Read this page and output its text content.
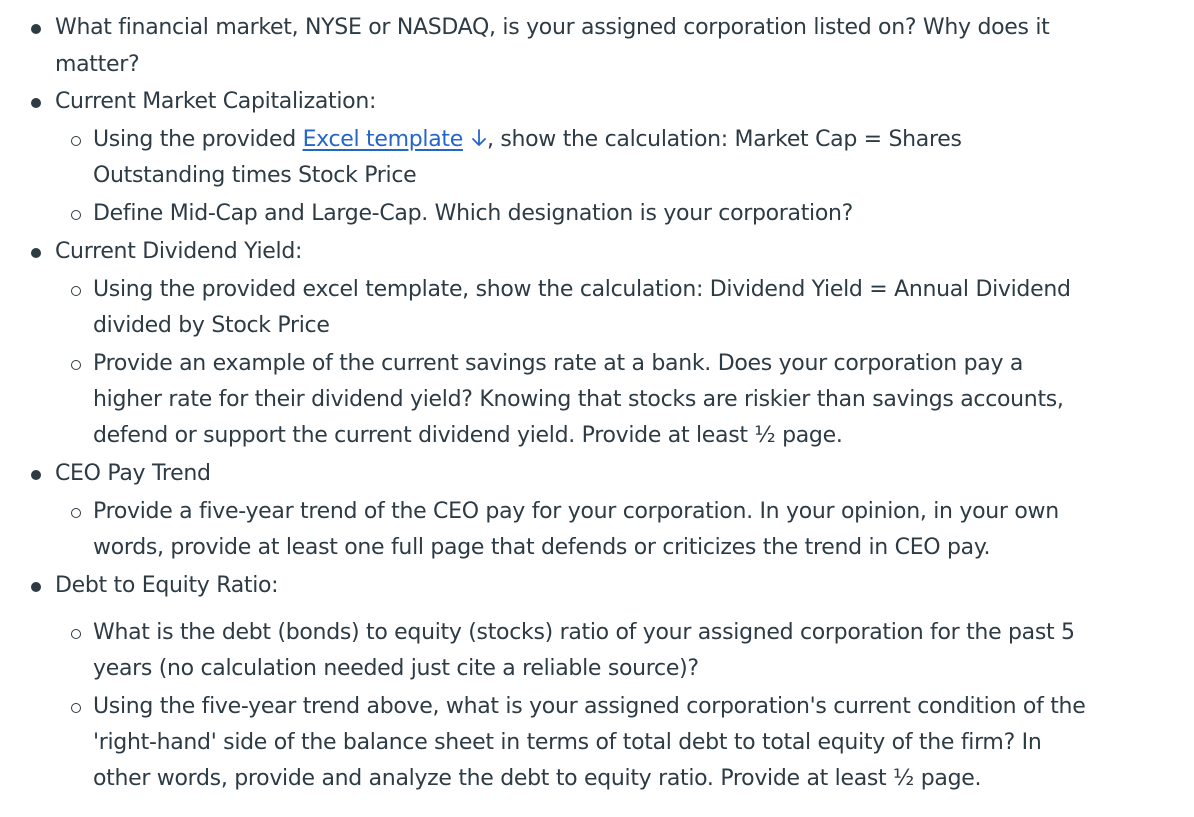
What financial market, NYSE or NASDAQ, is your assigned corporation listed on? Why does it
matter?
Current Market Capitalization:
Using the provided Excel template , show the calculation: Market Cap = Shares
Outstanding times Stock Price
Define Mid-Cap and Large-Cap. Which designation is your corporation?
Current Dividend Yield:
Using the provided excel template, show the calculation: Dividend Yield = Annual Dividend
divided by Stock Price
Provide an example of the current savings rate at a bank. Does your corporation pay a
higher rate for their dividend yield? Knowing that stocks are riskier than savings accounts,
defend or support the current dividend yield. Provide at least ½ page.
CEO Pay Trend
Provide a five-year trend of the CEO pay for your corporation. In your opinion, in your own
words, provide at least one full page that defends or criticizes the trend in CEO pay.
Debt to Equity Ratio:
What is the debt (bonds) to equity (stocks) ratio of your assigned corporation for the past 5
years (no calculation needed just cite a reliable source)?
Using the five-year trend above, what is your assigned corporation's current condition of the
'right-hand' side of the balance sheet in terms of total debt to total equity of the firm? In
other words, provide and analyze the debt to equity ratio. Provide at least ½ page.
